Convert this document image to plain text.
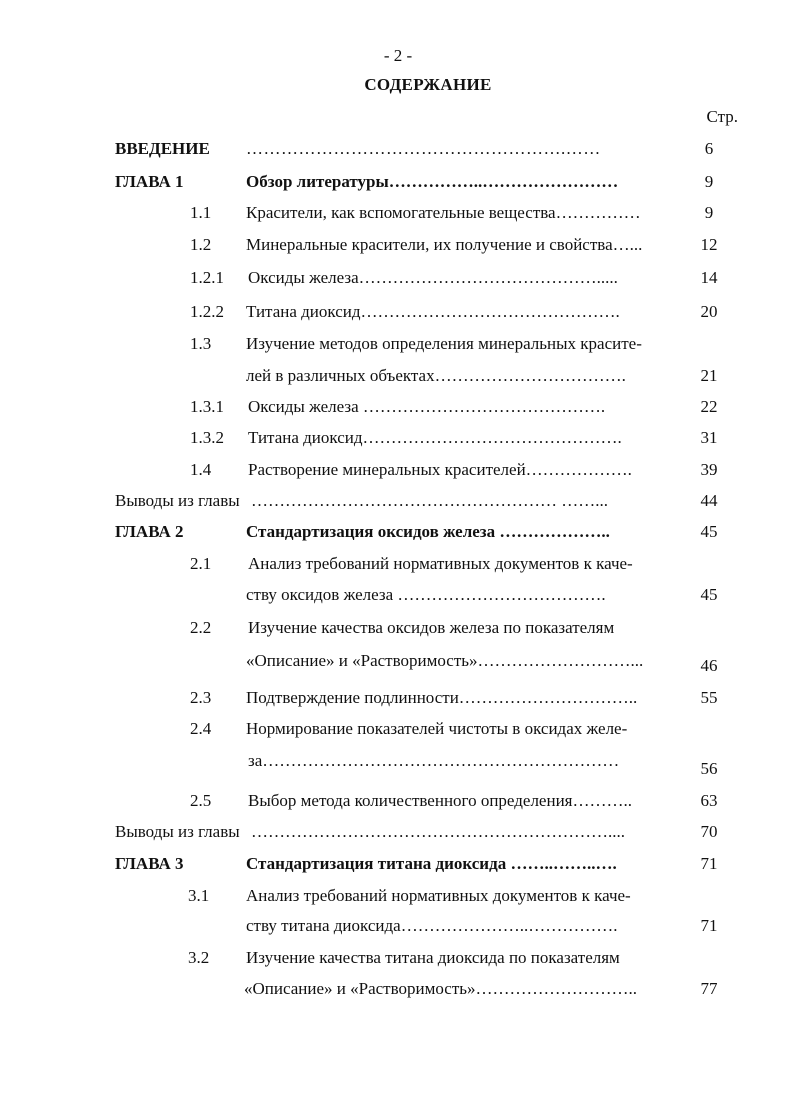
- 2 -
СОДЕРЖАНИЕ
Стр.
ВВЕДЕНИЕ ……………………………………………….……	6
ГЛАВА 1	Обзор литературы……………..……………………	9
1.1 Красители, как вспомогательные вещества……………	9
1.2 Минеральные красители, их получение и свойства…...	12
1.2.1 Оксиды железа…………………………………….....	14
1.2.2 Титана диоксид……………………………………….	20
1.3 Изучение методов определения минеральных красите-
лей в различных объектах…………………………….	21
1.3.1 Оксиды железа …………………………………….	22
1.3.2 Титана диоксид……………………………………….	31
1.4 Растворение минеральных красителей……………….	39
Выводы из главы ……………………………………………… ……...	44
ГЛАВА 2	Стандартизация оксидов железа ………………..	45
2.1 Анализ требований нормативных документов к каче-
ству оксидов железа ……………………………….	45
2.2 Изучение качества оксидов железа по показателям
«Описание» и «Растворимость»………………………...	46
2.3 Подтверждение подлинности…………………………..	55
2.4 Нормирование показателей чистоты в оксидах желе-
за………………………………………………………	56
2.5 Выбор метода количественного определения………..	63
Выводы из главы ………………………………………………………....	70
ГЛАВА 3	Стандартизация титана диоксида ……..……..….	71
3.1 Анализ требований нормативных документов к каче-
ству титана диоксида…………………..…………….	71
3.2 Изучение качества титана диоксида по показателям
«Описание» и «Растворимость»………………………..	77
